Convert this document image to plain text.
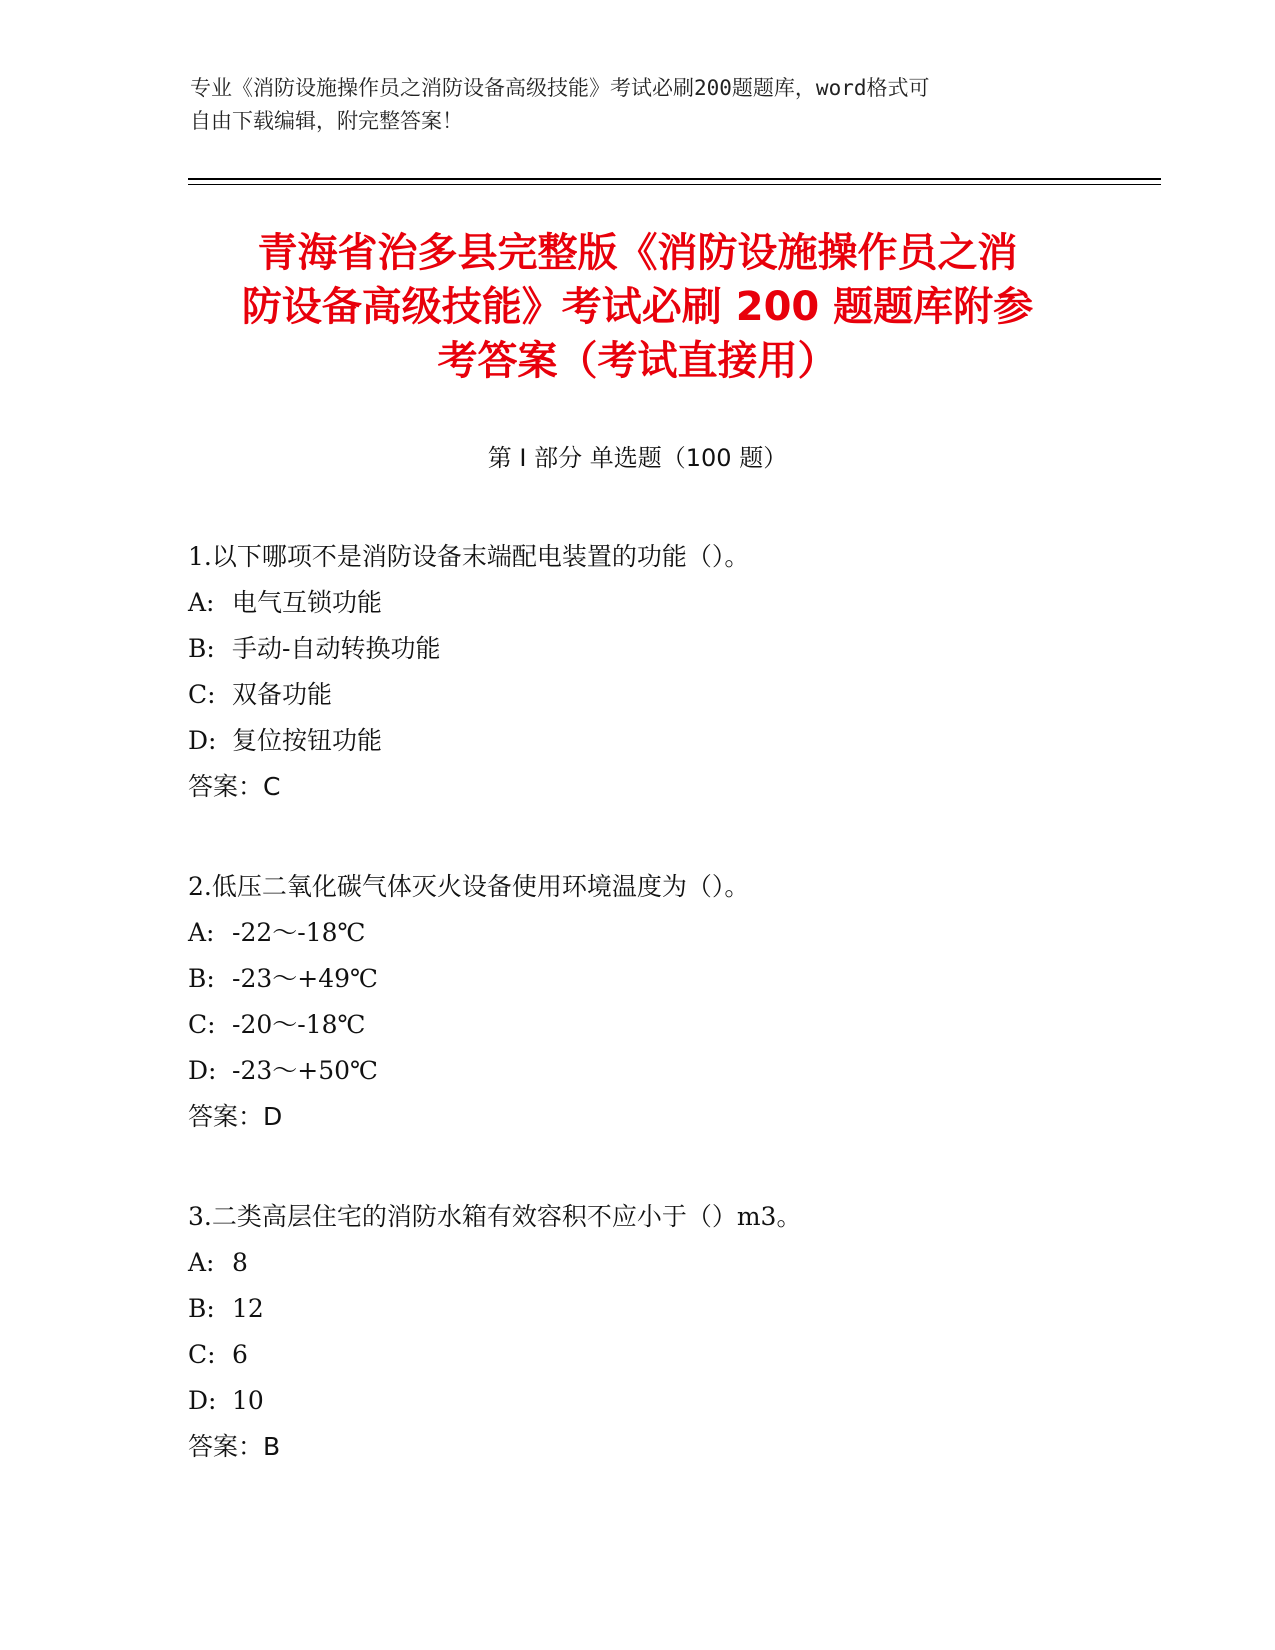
专业《消防设施操作员之消防设备高级技能》考试必刷200题题库，word格式可
自由下载编辑，附完整答案！
青海省治多县完整版《消防设施操作员之消
防设备高级技能》考试必刷 200 题题库附参
考答案（考试直接用）
第 I 部分 单选题（100 题）
1.以下哪项不是消防设备末端配电装置的功能（）。
A: 电气互锁功能
B: 手动-自动转换功能
C: 双备功能
D: 复位按钮功能
答案：C
2.低压二氧化碳气体灭火设备使用环境温度为（）。
A: -22～-18℃
B: -23～+49℃
C: -20～-18℃
D: -23～+50℃
答案：D
3.二类高层住宅的消防水箱有效容积不应小于（）m3。
A: 8
B: 12
C: 6
D: 10
答案：B
